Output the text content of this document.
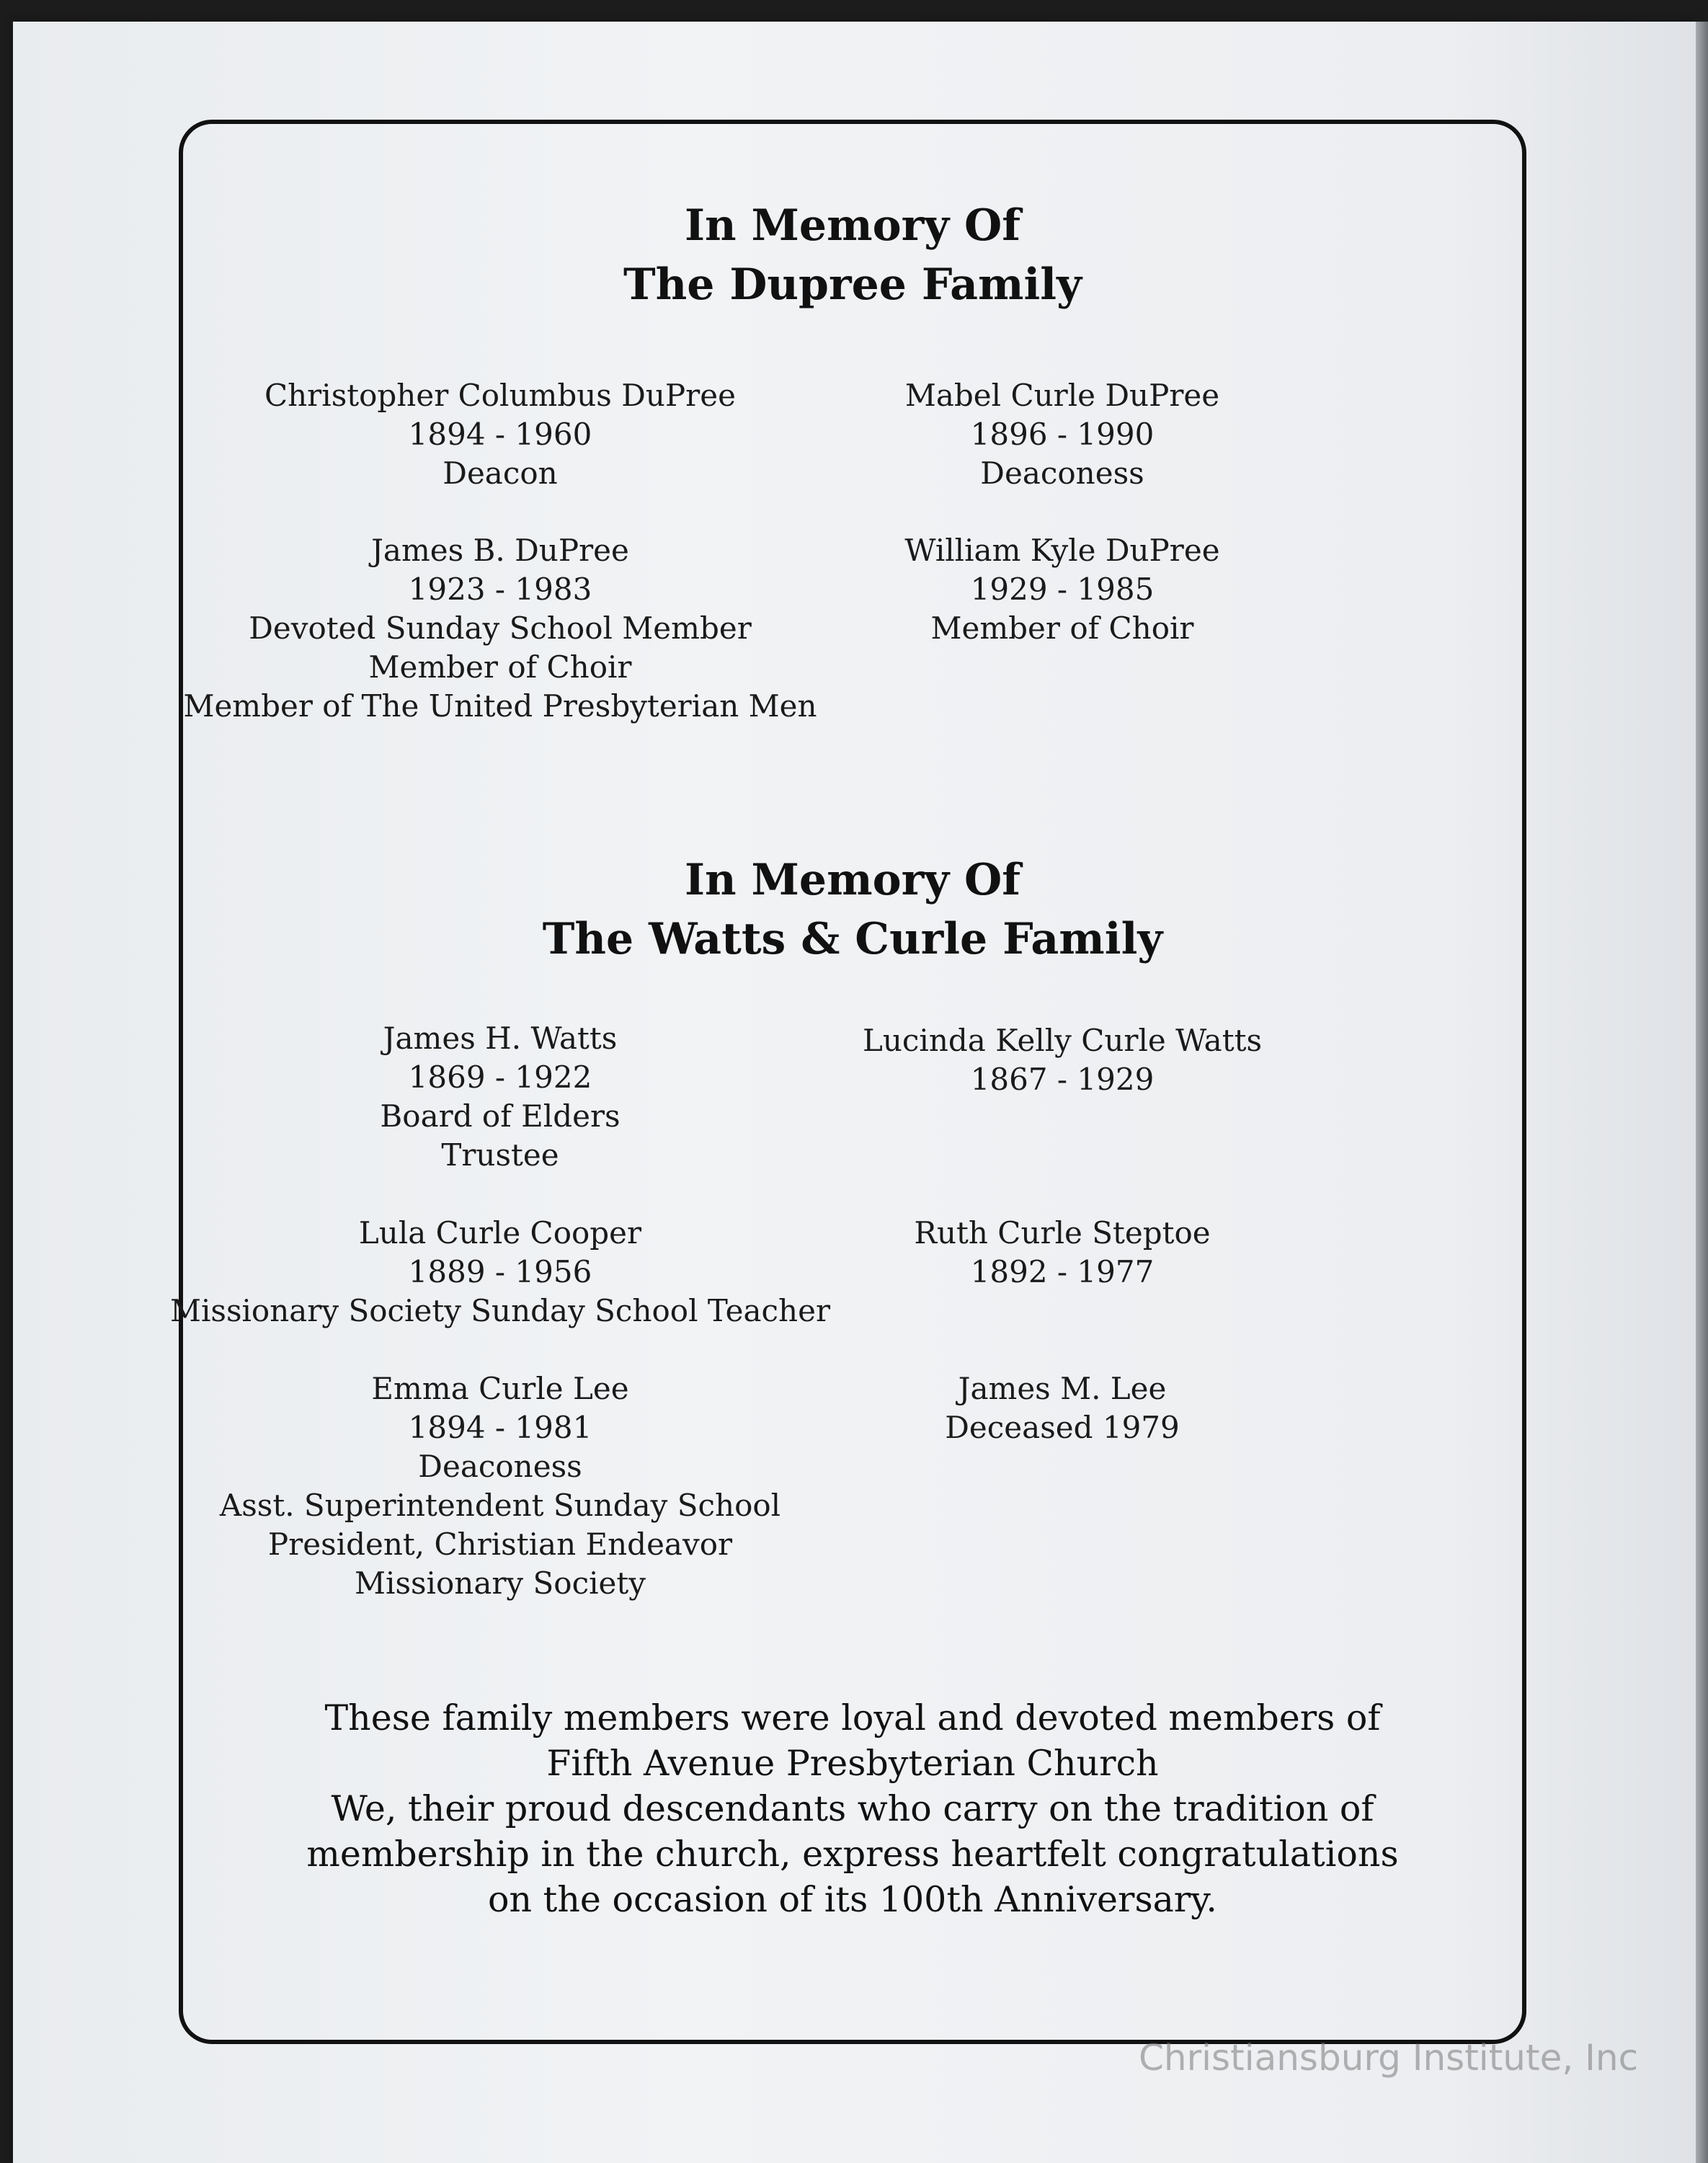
In Memory Of
The Dupree Family
Christopher Columbus DuPree
1894 - 1960
Deacon
Mabel Curle DuPree
1896 - 1990
Deaconess
James B. DuPree
1923 - 1983
Devoted Sunday School Member
Member of Choir
Member of The United Presbyterian Men
William Kyle DuPree
1929 - 1985
Member of Choir
In Memory Of
The Watts & Curle Family
James H. Watts
1869 - 1922
Board of Elders
Trustee
Lucinda Kelly Curle Watts
1867 - 1929
Lula Curle Cooper
1889 - 1956
Missionary Society Sunday School Teacher
Ruth Curle Steptoe
1892 - 1977
Emma Curle Lee
1894 - 1981
Deaconess
Asst. Superintendent Sunday School
President, Christian Endeavor
Missionary Society
James M. Lee
Deceased 1979
These family members were loyal and devoted members of
Fifth Avenue Presbyterian Church
We, their proud descendants who carry on the tradition of
membership in the church, express heartfelt congratulations
on the occasion of its 100th Anniversary.
Christiansburg Institute, Inc
